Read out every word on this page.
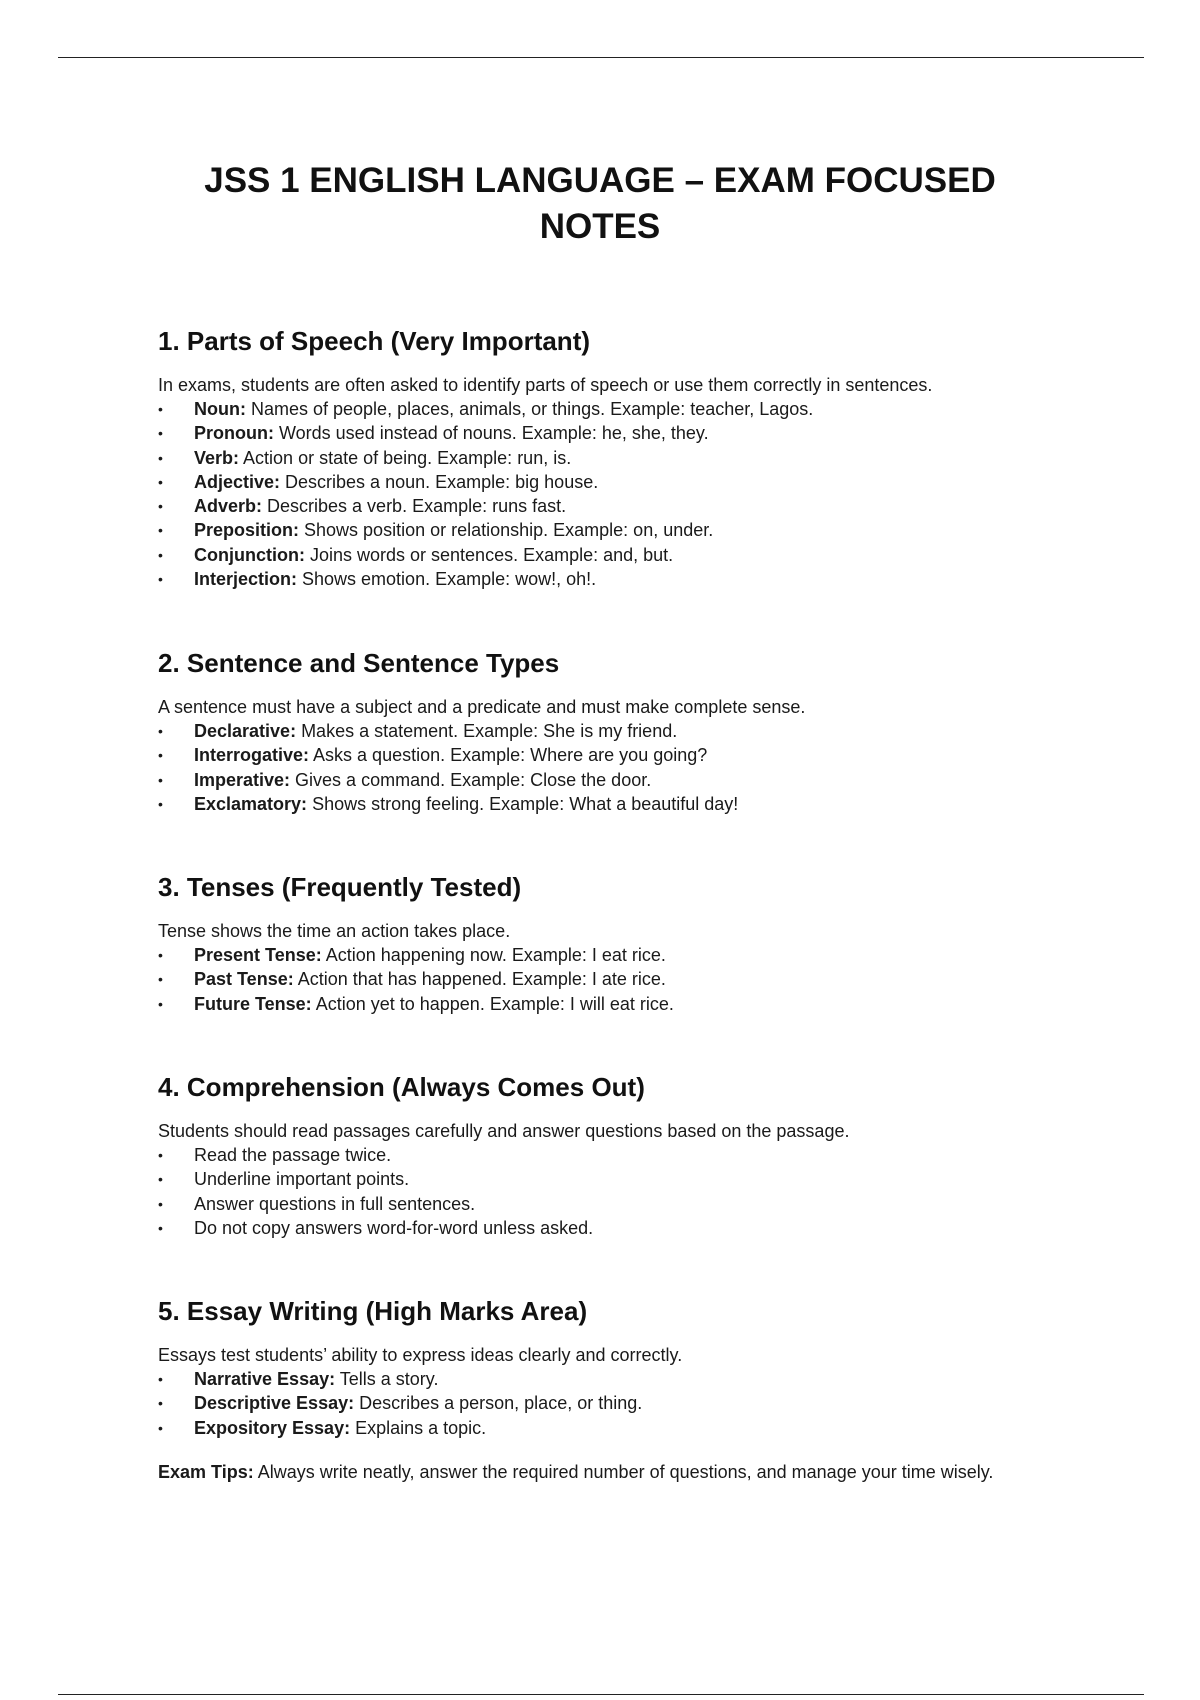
JSS 1 ENGLISH LANGUAGE – EXAM FOCUSED
NOTES
1. Parts of Speech (Very Important)

In exams, students are often asked to identify parts of speech or use them correctly in sentences.

• Noun: Names of people, places, animals, or things. Example: teacher, Lagos.
• Pronoun: Words used instead of nouns. Example: he, she, they.
• Verb: Action or state of being. Example: run, is.
• Adjective: Describes a noun. Example: big house.
• Adverb: Describes a verb. Example: runs fast.
• Preposition: Shows position or relationship. Example: on, under.
• Conjunction: Joins words or sentences. Example: and, but.
• Interjection: Shows emotion. Example: wow!, oh!.
2. Sentence and Sentence Types

A sentence must have a subject and a predicate and must make complete sense.

• Declarative: Makes a statement. Example: She is my friend.
• Interrogative: Asks a question. Example: Where are you going?
• Imperative: Gives a command. Example: Close the door.
• Exclamatory: Shows strong feeling. Example: What a beautiful day!
3. Tenses (Frequently Tested)

Tense shows the time an action takes place.

• Present Tense: Action happening now. Example: I eat rice.
• Past Tense: Action that has happened. Example: I ate rice.
• Future Tense: Action yet to happen. Example: I will eat rice.
4. Comprehension (Always Comes Out)

Students should read passages carefully and answer questions based on the passage.

• Read the passage twice.
• Underline important points.
• Answer questions in full sentences.
• Do not copy answers word-for-word unless asked.
5. Essay Writing (High Marks Area)

Essays test students’ ability to express ideas clearly and correctly.

• Narrative Essay: Tells a story.
• Descriptive Essay: Describes a person, place, or thing.
• Expository Essay: Explains a topic.

Exam Tips: Always write neatly, answer the required number of questions, and manage your time wisely.
